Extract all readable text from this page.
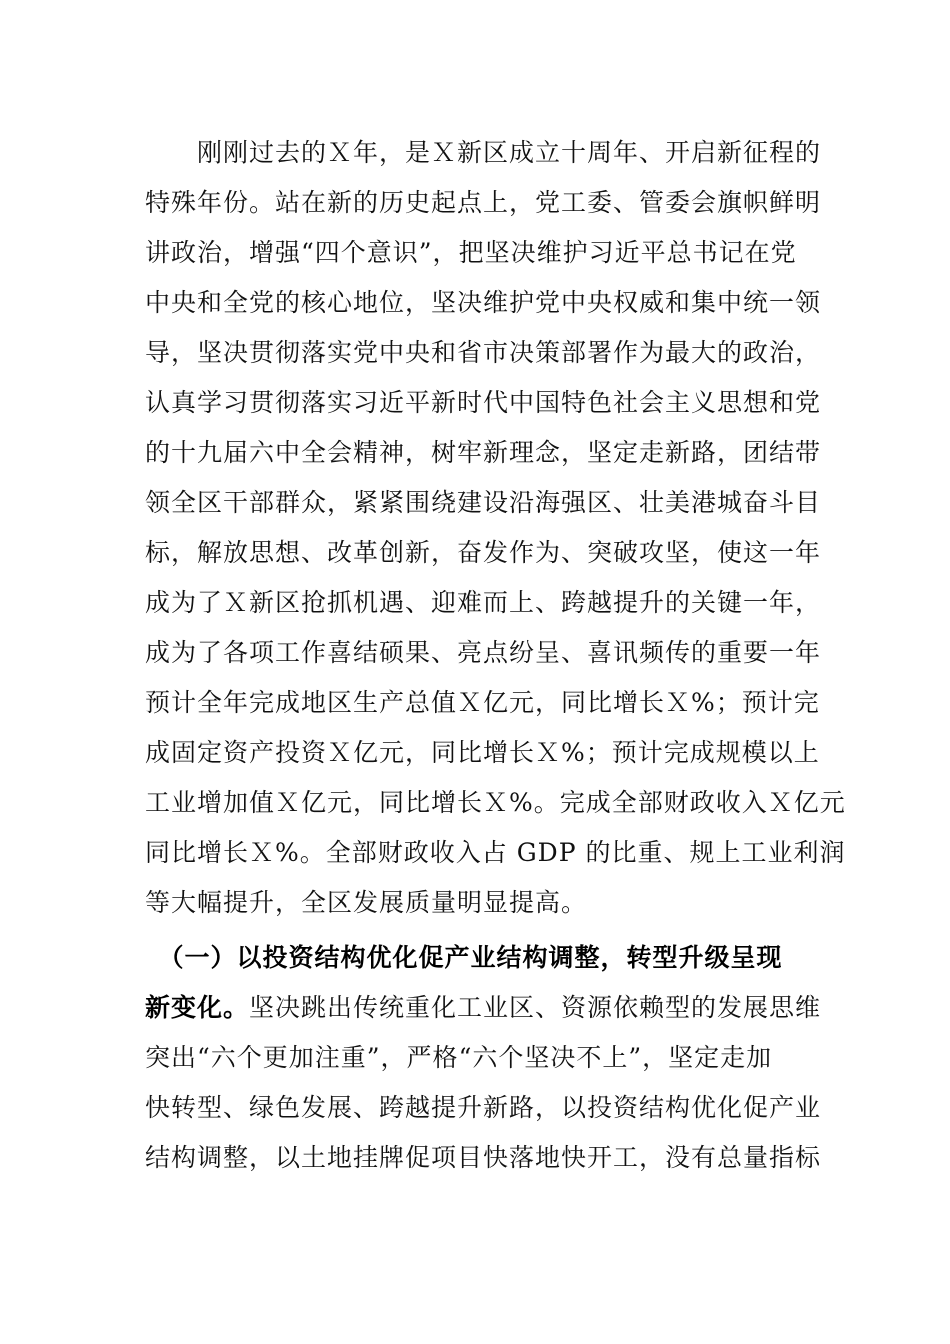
　　刚刚过去的Ｘ年，是Ｘ新区成立十周年、开启新征程的
特殊年份。站在新的历史起点上，党工委、管委会旗帜鲜明
讲政治，增强“四个意识”，把坚决维护习近平总书记在党
中央和全党的核心地位，坚决维护党中央权威和集中统一领
导，坚决贯彻落实党中央和省市决策部署作为最大的政治，
认真学习贯彻落实习近平新时代中国特色社会主义思想和党
的十九届六中全会精神，树牢新理念，坚定走新路，团结带
领全区干部群众，紧紧围绕建设沿海强区、壮美港城奋斗目
标，解放思想、改革创新，奋发作为、突破攻坚，使这一年
成为了Ｘ新区抢抓机遇、迎难而上、跨越提升的关键一年，
成为了各项工作喜结硕果、亮点纷呈、喜讯频传的重要一年
预计全年完成地区生产总值Ｘ亿元，同比增长Ｘ%；预计完
成固定资产投资Ｘ亿元，同比增长Ｘ%；预计完成规模以上
工业增加值Ｘ亿元，同比增长Ｘ%。完成全部财政收入Ｘ亿元
同比增长Ｘ%。全部财政收入占 GDP 的比重、规上工业利润
等大幅提升，全区发展质量明显提高。
　（一）以投资结构优化促产业结构调整，转型升级呈现
新变化。坚决跳出传统重化工业区、资源依赖型的发展思维
突出“六个更加注重”，严格“六个坚决不上”，坚定走加
快转型、绿色发展、跨越提升新路，以投资结构优化促产业
结构调整，以土地挂牌促项目快落地快开工，没有总量指标
